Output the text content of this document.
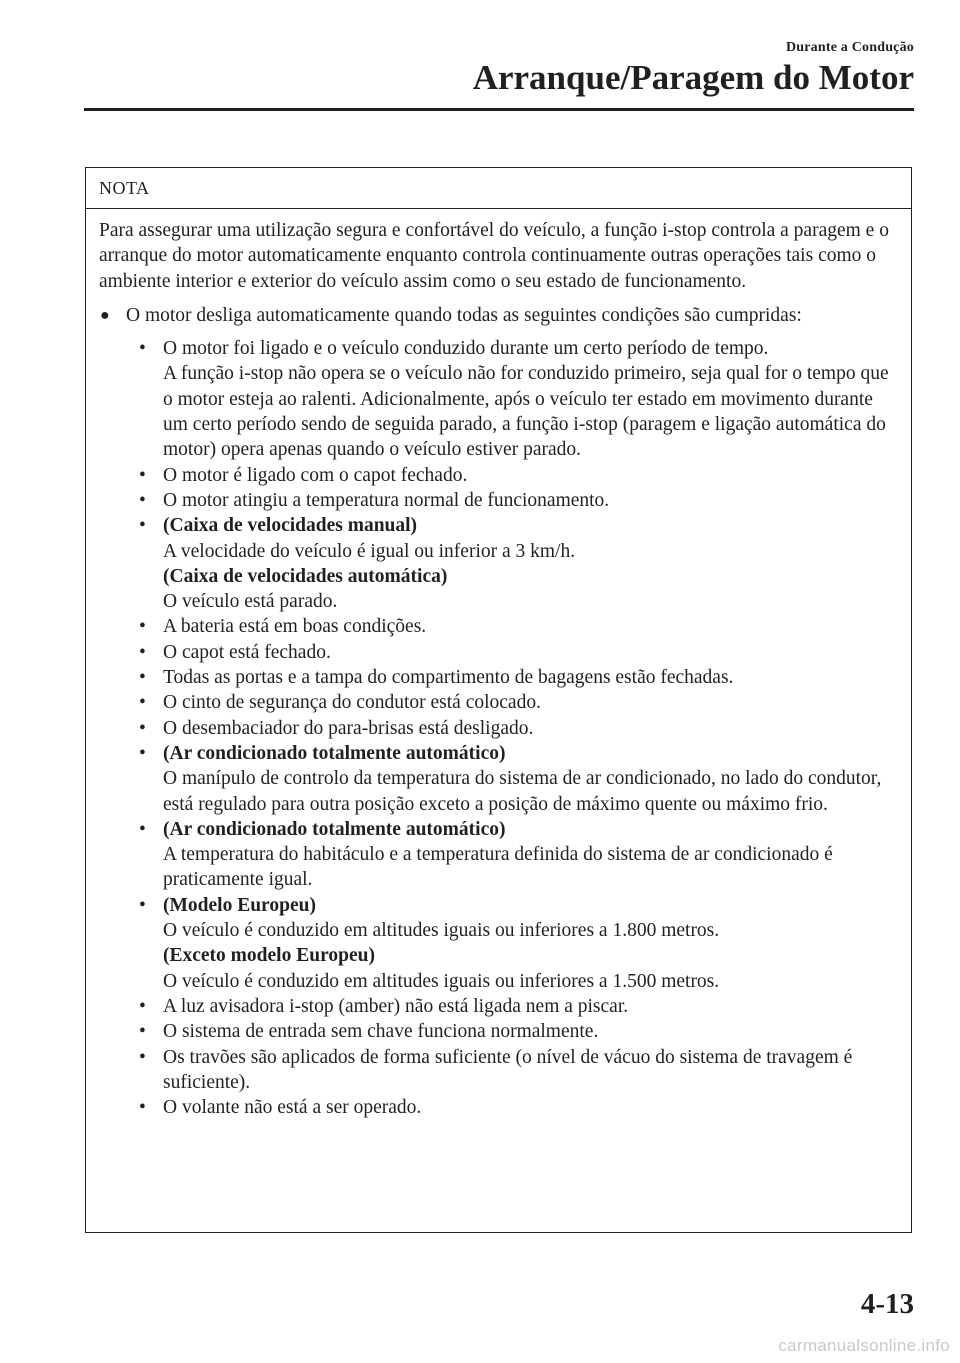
Durante a Condução
Arranque/Paragem do Motor
NOTA

Para assegurar uma utilização segura e confortável do veículo, a função i-stop controla a paragem e o arranque do motor automaticamente enquanto controla continuamente outras operações tais como o ambiente interior e exterior do veículo assim como o seu estado de funcionamento.

● O motor desliga automaticamente quando todas as seguintes condições são cumpridas:
• O motor foi ligado e o veículo conduzido durante um certo período de tempo.
A função i-stop não opera se o veículo não for conduzido primeiro, seja qual for o tempo que o motor esteja ao ralenti. Adicionalmente, após o veículo ter estado em movimento durante um certo período sendo de seguida parado, a função i-stop (paragem e ligação automática do motor) opera apenas quando o veículo estiver parado.
• O motor é ligado com o capot fechado.
• O motor atingiu a temperatura normal de funcionamento.
• (Caixa de velocidades manual)
A velocidade do veículo é igual ou inferior a 3 km/h.
(Caixa de velocidades automática)
O veículo está parado.
• A bateria está em boas condições.
• O capot está fechado.
• Todas as portas e a tampa do compartimento de bagagens estão fechadas.
• O cinto de segurança do condutor está colocado.
• O desembaciador do para-brisas está desligado.
• (Ar condicionado totalmente automático)
O manípulo de controlo da temperatura do sistema de ar condicionado, no lado do condutor, está regulado para outra posição exceto a posição de máximo quente ou máximo frio.
• (Ar condicionado totalmente automático)
A temperatura do habitáculo e a temperatura definida do sistema de ar condicionado é praticamente igual.
• (Modelo Europeu)
O veículo é conduzido em altitudes iguais ou inferiores a 1.800 metros.
(Exceto modelo Europeu)
O veículo é conduzido em altitudes iguais ou inferiores a 1.500 metros.
• A luz avisadora i-stop (amber) não está ligada nem a piscar.
• O sistema de entrada sem chave funciona normalmente.
• Os travões são aplicados de forma suficiente (o nível de vácuo do sistema de travagem é suficiente).
• O volante não está a ser operado.
4-13
carmanualsonline.info
